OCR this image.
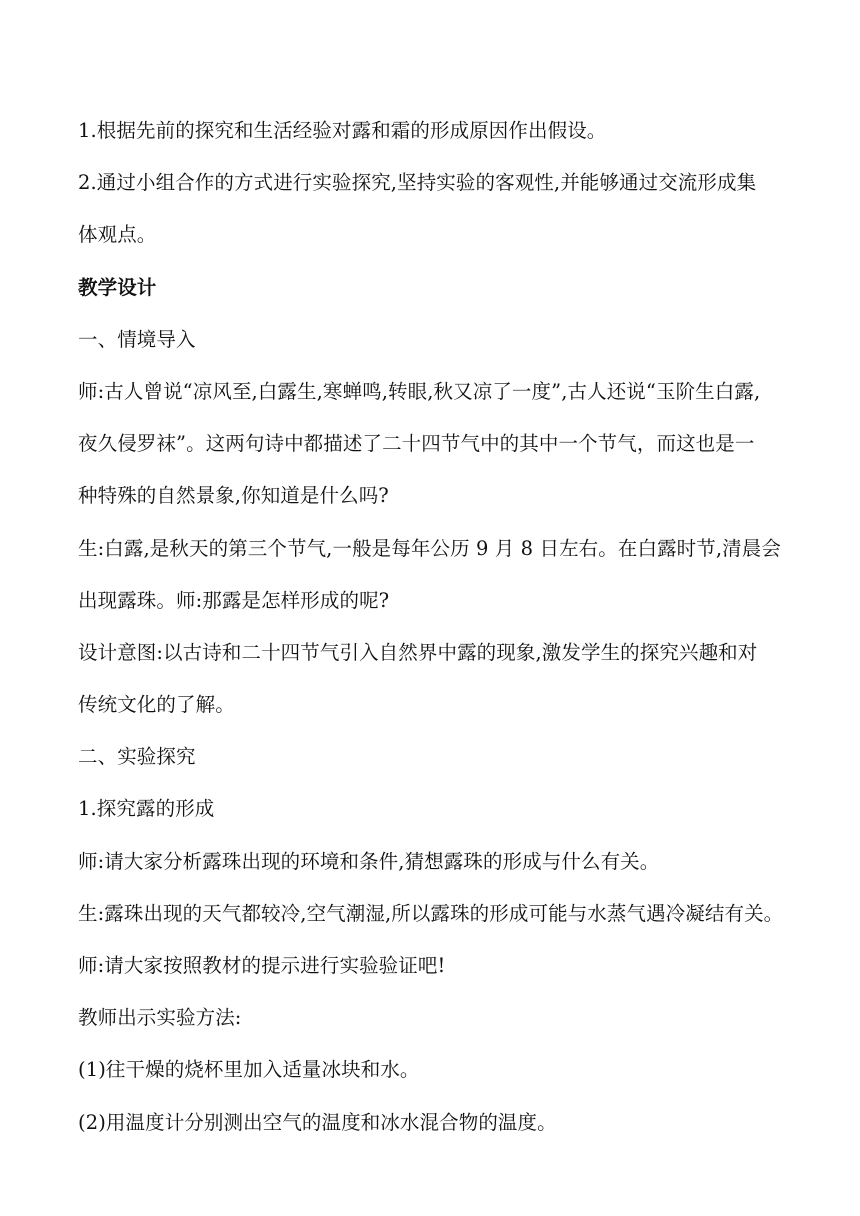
1.根据先前的探究和生活经验对露和霜的形成原因作出假设。

2.通过小组合作的方式进行实验探究,坚持实验的客观性,并能够通过交流形成集

体观点。

教学设计

一、情境导入

师:古人曾说“凉风至,白露生,寒蝉鸣,转眼,秋又凉了一度”,古人还说“玉阶生白露,

夜久侵罗袜”。这两句诗中都描述了二十四节气中的其中一个节气，而这也是一

种特殊的自然景象,你知道是什么吗?

生:白露,是秋天的第三个节气,一般是每年公历 9 月 8 日左右。在白露时节,清晨会

出现露珠。师:那露是怎样形成的呢?

设计意图:以古诗和二十四节气引入自然界中露的现象,激发学生的探究兴趣和对

传统文化的了解。

二、实验探究

1.探究露的形成

师:请大家分析露珠出现的环境和条件,猜想露珠的形成与什么有关。

生:露珠出现的天气都较冷,空气潮湿,所以露珠的形成可能与水蒸气遇冷凝结有关。

师:请大家按照教材的提示进行实验验证吧!

教师出示实验方法:

(1)往干燥的烧杯里加入适量冰块和水。

(2)用温度计分别测出空气的温度和冰水混合物的温度。
